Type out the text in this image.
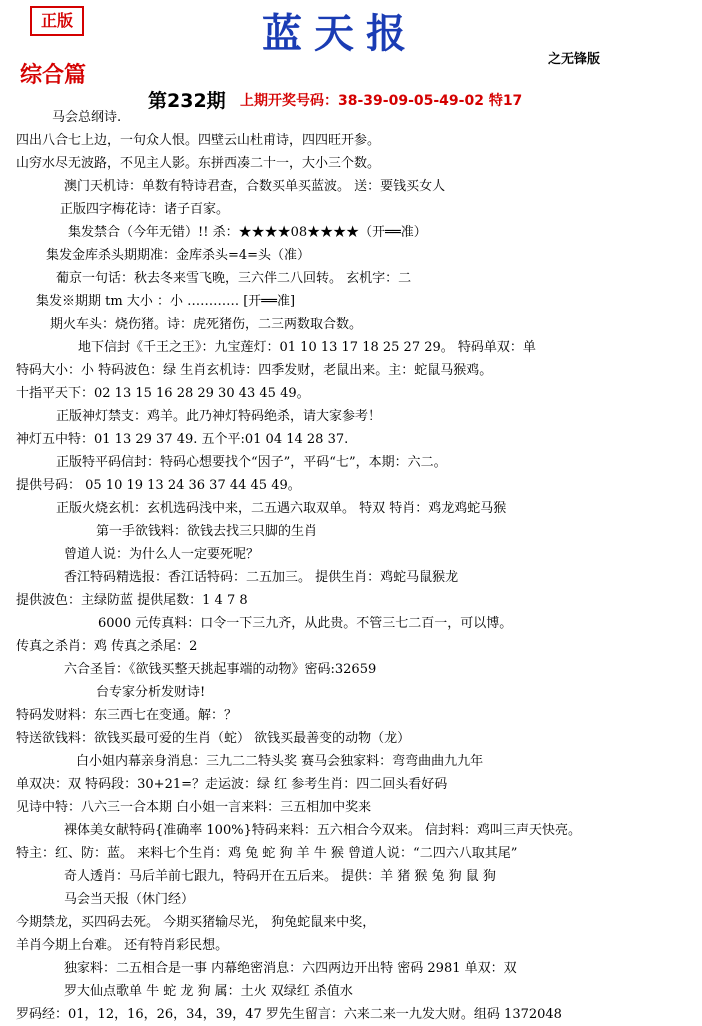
正版	蓝天报
之无锋版
综合篇
第232期 上期开奖号码：38-39-09-05-49-02 特17
马会总纲诗.
四出八合七上边，一句众人恨。四壁云山杜甫诗，四四旺开参。
山穷水尽无波路，不见主人影。东拼西凑二十一，大小三个数。
澳门天机诗：单数有特诗君查，合数买单买蓝波。 送：要钱买女人
正版四字梅花诗：诸子百家。
集发禁合（今年无错）!! 杀：★★★★08★★★★（开══准）
集发金库杀头期期准：金库杀头=4=头（准）
葡京一句话：秋去冬来雪飞晚，三六伴二八回转。 玄机字：二
集发※期期 tm 大小 ：小 ………… [开══准]
期火车头：烧伤猪。诗：虎死猪伤，二三两数取合数。
地下信封《千王之王》：九宝莲灯：01 10 13 17 18 25 27 29。 特码单双：单
特码大小：小 特码波色：绿 生肖玄机诗：四季发财，老鼠出来。主：蛇鼠马猴鸡。
十指平天下：02 13 15 16 28 29 30 43 45 49。
正版神灯禁支：鸡羊。此乃神灯特码绝杀，请大家参考！
神灯五中特：01 13 29 37 49. 五个平:01 04 14 28 37.
正版特平码信封：特码心想要找个“因子”，平码“七”，本期：六二。
提供号码： 05 10 19 13 24 36 37 44 45 49。
正版火烧玄机：玄机选码浅中来，二五遇六取双单。 特双 特肖：鸡龙鸡蛇马猴
第一手欲钱料：欲钱去找三只脚的生肖
曾道人说：为什么人一定要死呢？
香江特码精选报：香江话特码：二五加三。 提供生肖：鸡蛇马鼠猴龙
提供波色：主绿防蓝 提供尾数：1 4 7 8
6000 元传真料：口令一下三九齐，从此贵。不管三七二百一，可以博。
传真之杀肖：鸡 传真之杀尾：2
六合圣旨：《欲钱买整天挑起事端的动物》密码:32659
台专家分析发财诗!
特码发财料：东三西七在变通。解：？
特送欲钱料：欲钱买最可爱的生肖（蛇） 欲钱买最善变的动物（龙）
白小姐内幕亲身消息：三九二二特头奖 赛马会独家料：弯弯曲曲九九年
单双决：双 特码段：30+21=？走运波：绿 红 参考生肖：四二回头看好码
见诗中特：八六三一合本期 白小姐一言来料：三五相加中奖来
裸体美女献特码{准确率 100%}特码来料：五六相合今双来。 信封料：鸡叫三声天快亮。
特主：红、防：蓝。 来料七个生肖：鸡 兔 蛇 狗 羊 牛 猴 曾道人说：“二四六八取其尾”
奇人透肖：马后羊前七跟九，特码开在五后来。 提供：羊 猪 猴 兔 狗 鼠 狗
马会当天报（休门经）
今期禁龙，买四码去死。 今期买猪输尽光， 狗兔蛇鼠来中奖，
羊肖今期上台难。 还有特肖彩民想。
独家料：二五相合是一事 内幕绝密消息：六四两边开出特 密码 2981 单双：双
罗大仙点歌单 牛 蛇 龙 狗 属：土火 双绿红 杀值水
罗码经：01，12，16，26，34，39，47 罗先生留言：六来二来一九发大财。组码 1372048
